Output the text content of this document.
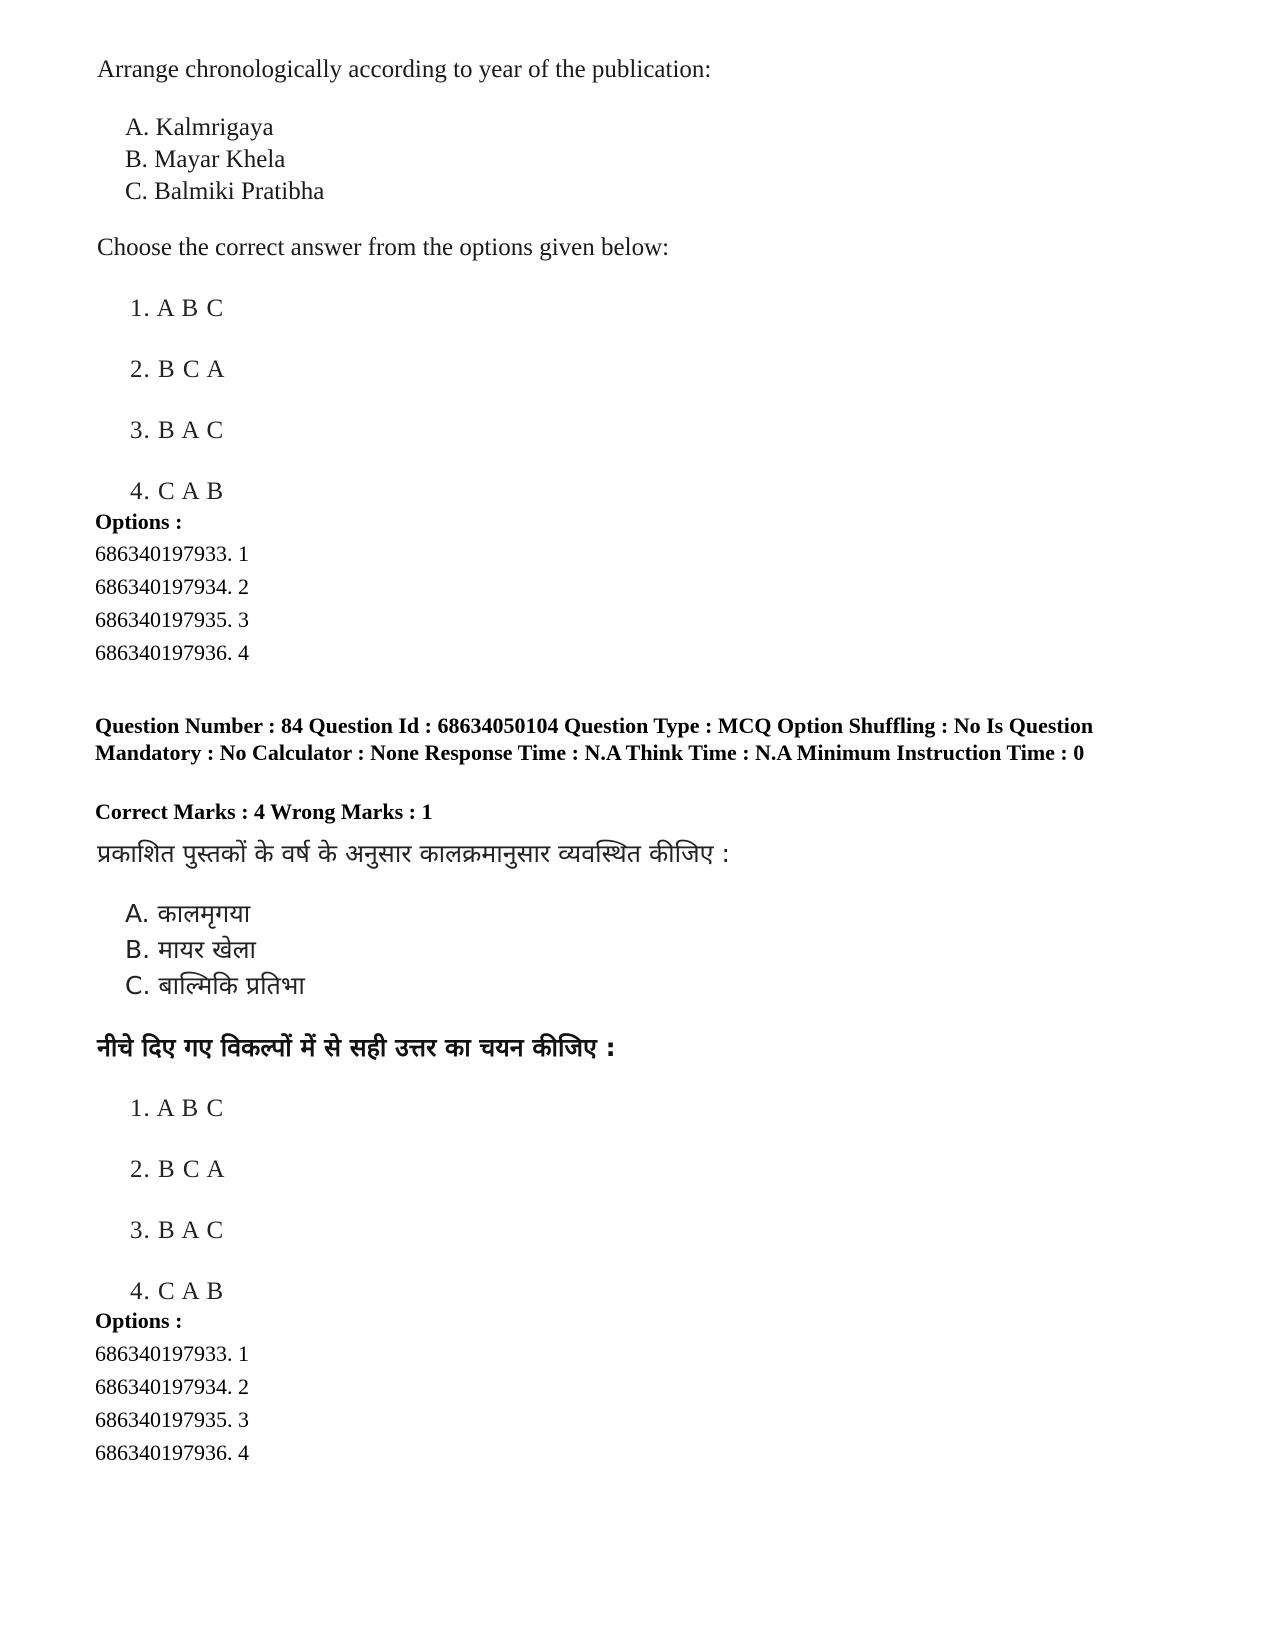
Arrange chronologically according to year of the publication:
A. Kalmrigaya
B. Mayar Khela
C. Balmiki Pratibha
Choose the correct answer from the options given below:
1. A B C
2. B C A
3. B A C
4. C A B
Options :
686340197933. 1
686340197934. 2
686340197935. 3
686340197936. 4
Question Number : 84 Question Id : 68634050104 Question Type : MCQ Option Shuffling : No Is Question Mandatory : No Calculator : None Response Time : N.A Think Time : N.A Minimum Instruction Time : 0
Correct Marks : 4 Wrong Marks : 1
प्रकाशित पुस्तकों के वर्ष के अनुसार कालक्रमानुसार व्यवस्थित कीजिए :
A. कालमृगया
B. मायर खेला
C. बाल्मिकि प्रतिभा
नीचे दिए गए विकल्पों में से सही उत्तर का चयन कीजिए :
1. A B C
2. B C A
3. B A C
4. C A B
Options :
686340197933. 1
686340197934. 2
686340197935. 3
686340197936. 4
